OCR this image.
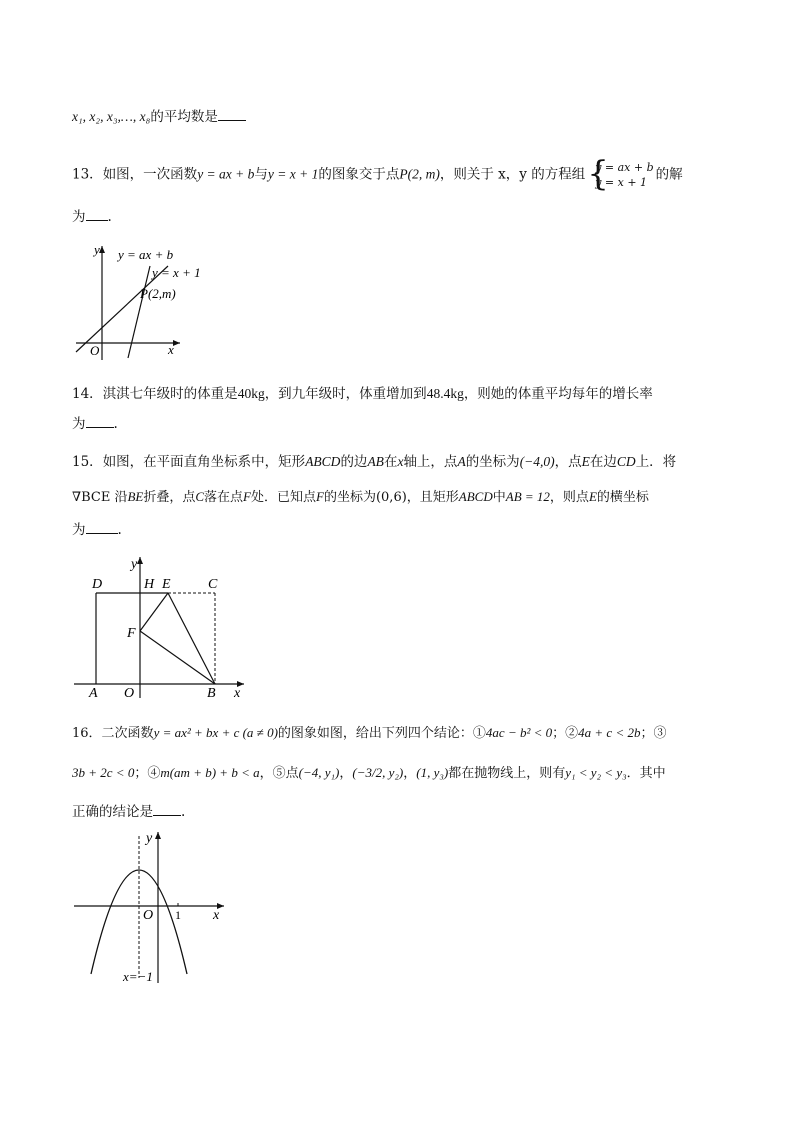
x₁, x₂, x₃,…, x₈的平均数是
13．如图，一次函数y = ax + b与y = x + 1的图象交于点P(2, m)，则关于 x，y 的方程组 {
y = ax + b
y = x + 1 的解
为 .
y
x
O
y = ax + b
y = x + 1
P(2,m)
14．淇淇七年级时的体重是40kg，到九年级时，体重增加到48.4kg，则她的体重平均每年的增长率
为 .
15．如图，在平面直角坐标系中，矩形ABCD的边AB在x轴上，点A的坐标为(−4,0)，点E在边CD上．将
∇BCE 沿BE折叠，点C落在点F处．已知点F的坐标为(0,6)，且矩形ABCD中AB = 12，则点E的横坐标
为 .
y
x
O
A	B
C
D	E
F
H
16．二次函数y = ax² + bx + c (a ≠ 0)的图象如图，给出下列四个结论：①4ac − b² < 0；②4a + c < 2b；③
3b + 2c < 0；④m(am + b) + b < a，⑤点(−4, y₁)，(−3/2, y₂)，(1, y₃)都在抛物线上，则有y₁ < y₂ < y₃．其中
正确的结论是 .
y
x
O 1
x=−1
